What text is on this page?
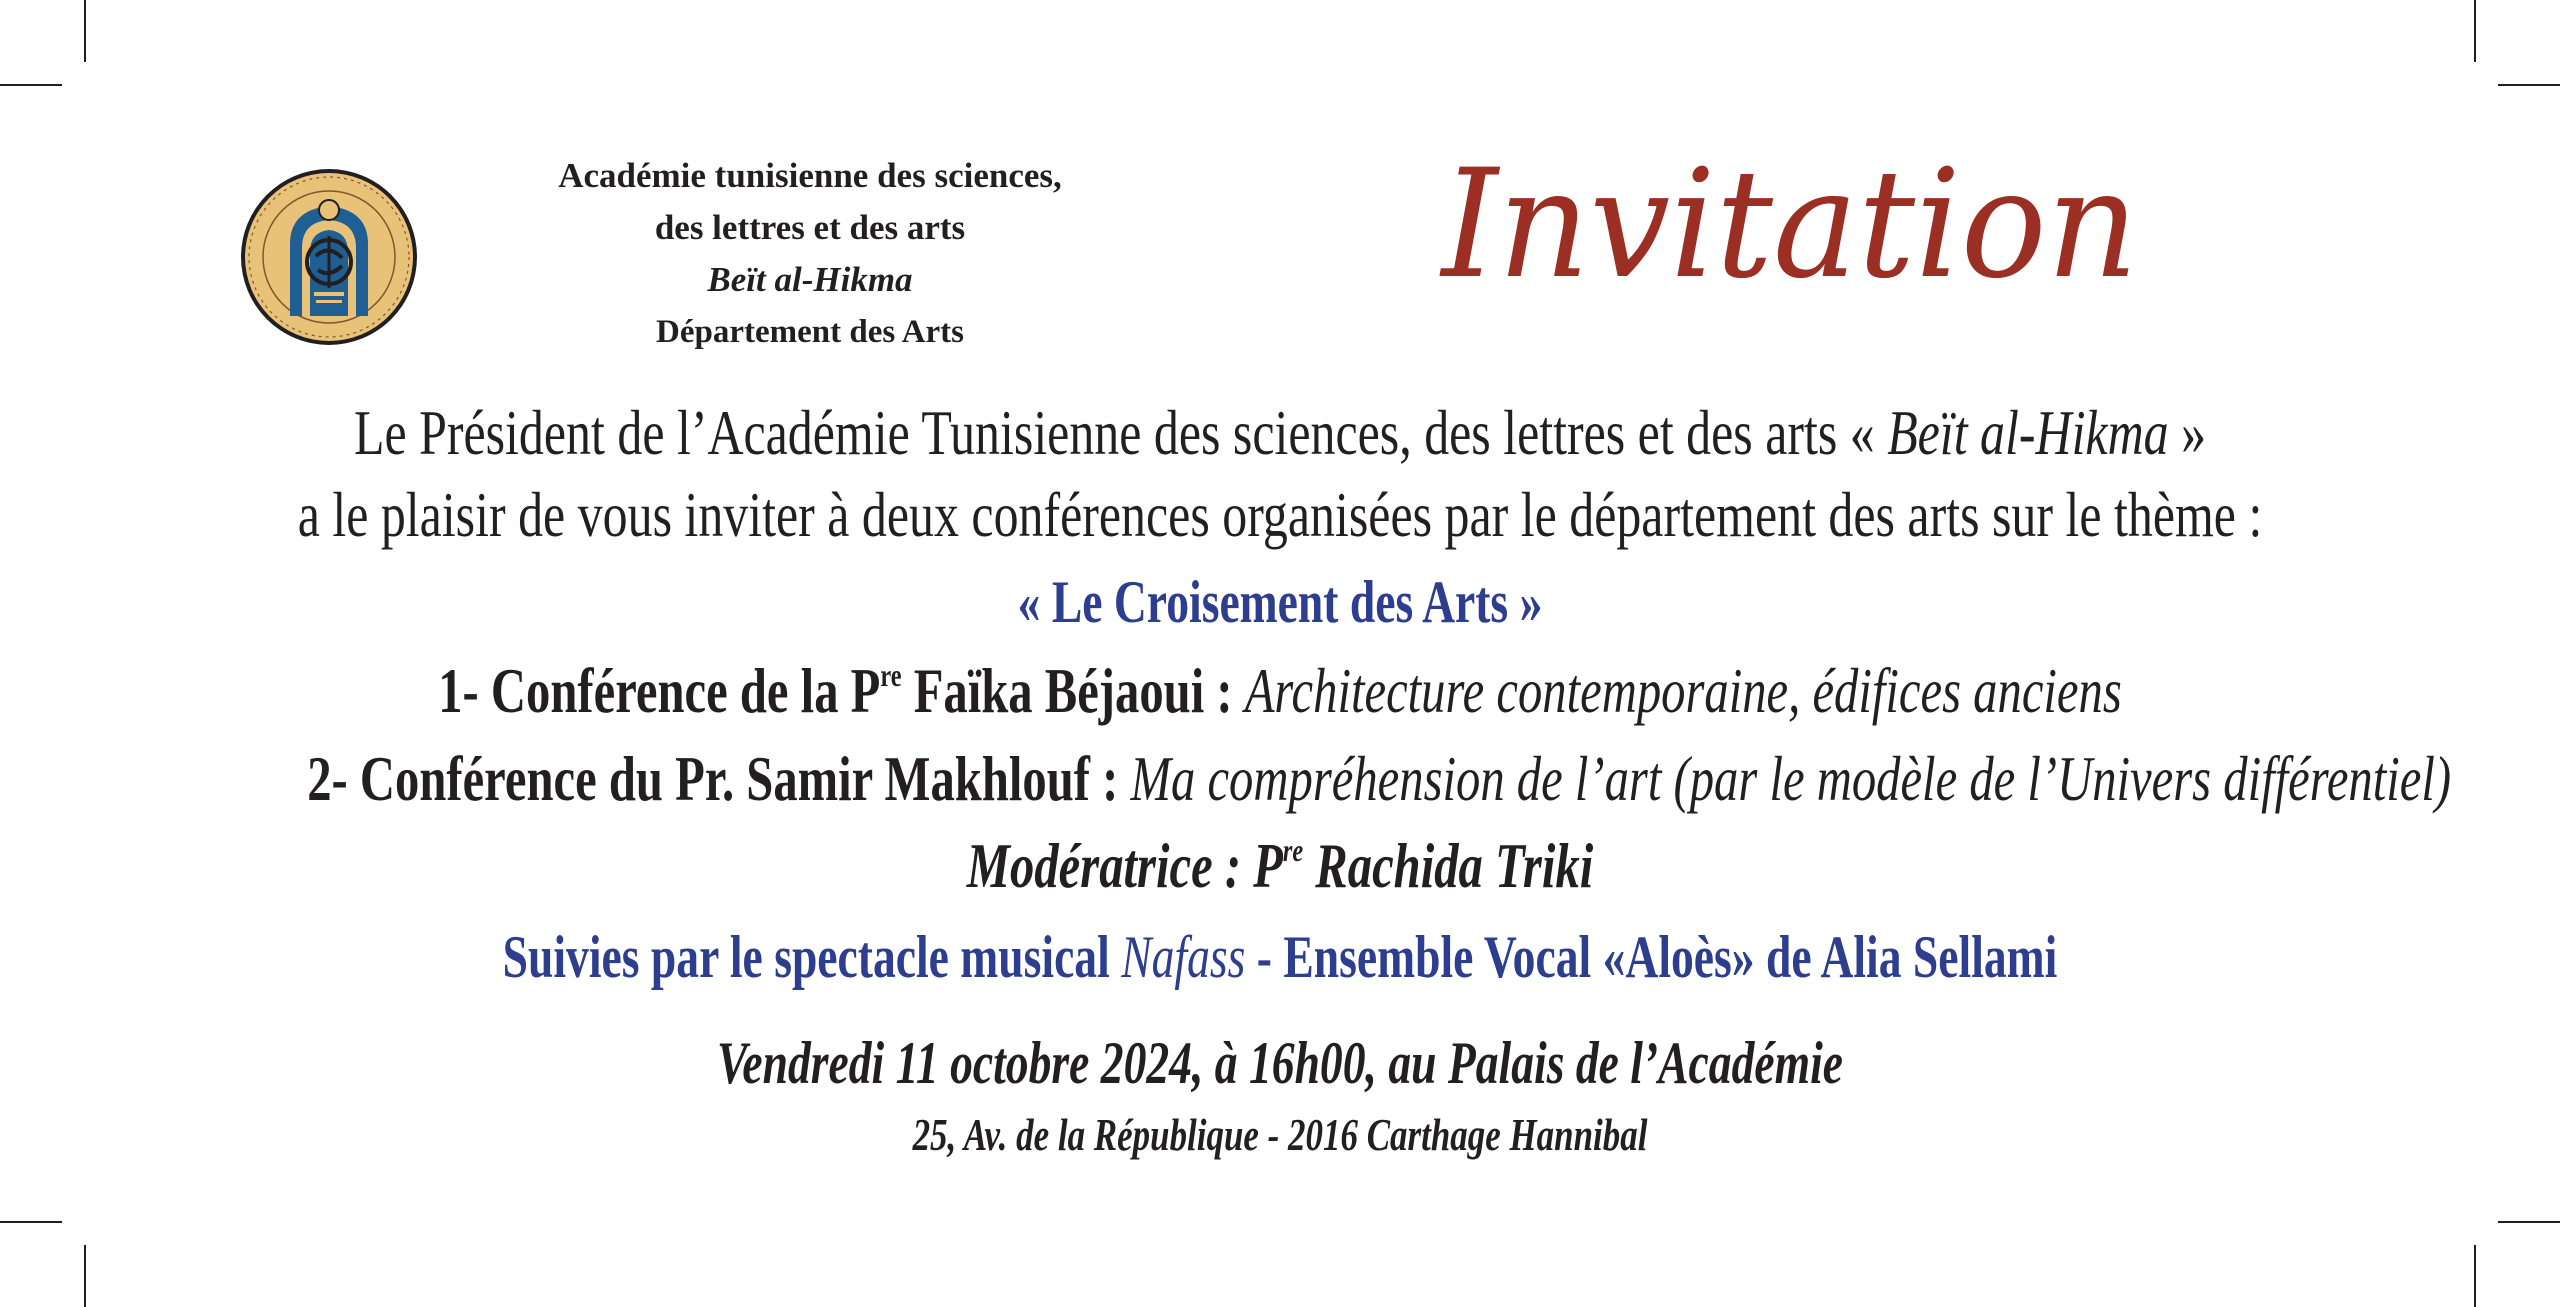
Académie tunisienne des sciences,
des lettres et des arts
Beït al-Hikma
Département des Arts
Invitation
Le Président de l’Académie Tunisienne des sciences, des lettres et des arts « Beït al-Hikma »
a le plaisir de vous inviter à deux conférences organisées par le département des arts sur le thème :
« Le Croisement des Arts »
1- Conférence de la $P^{re}$ Faïka Béjaoui : Architecture contemporaine, édifices anciens
2- Conférence du Pr. Samir Makhlouf : Ma compréhension de l’art (par le modèle de l’Univers différentiel)
Modératrice : $P^{re}$ Rachida Triki
Suivies par le spectacle musical Nafass - Ensemble Vocal «Aloès» de Alia Sellami
Vendredi 11 octobre 2024, à 16h00, au Palais de l’Académie
25, Av. de la République - 2016 Carthage Hannibal
